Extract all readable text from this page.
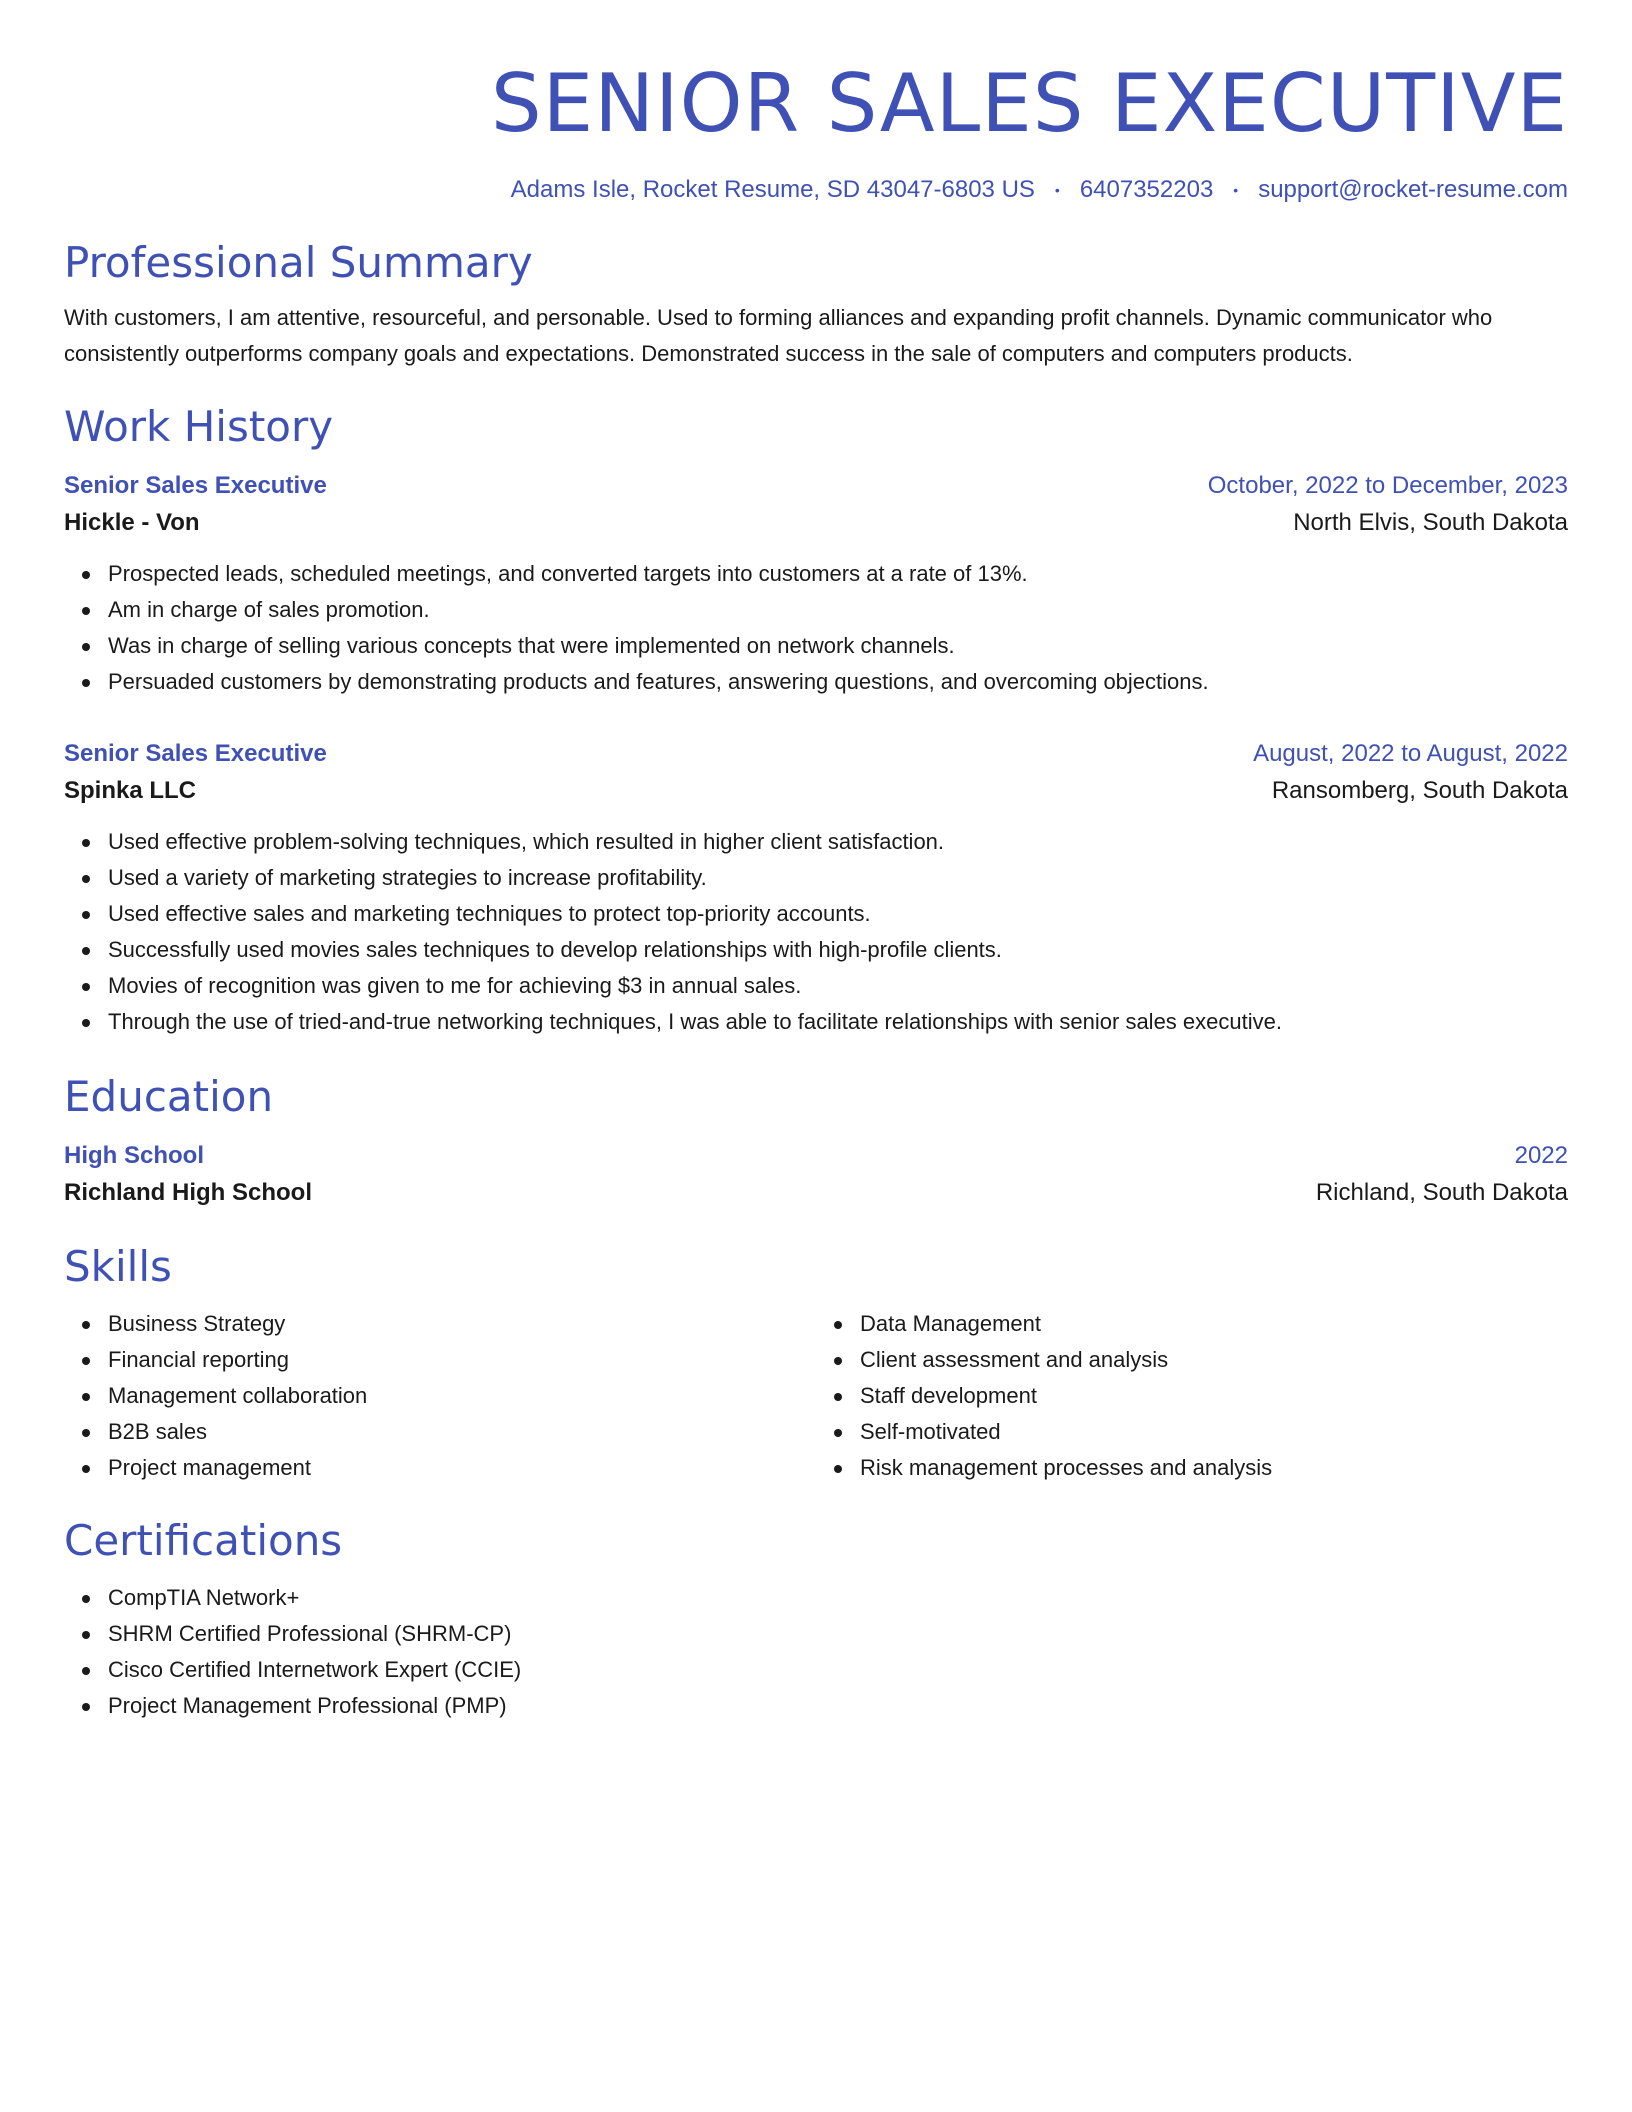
SENIOR SALES EXECUTIVE
Adams Isle, Rocket Resume, SD 43047-6803 US • 6407352203 • support@rocket-resume.com
Professional Summary

With customers, I am attentive, resourceful, and personable. Used to forming alliances and expanding profit channels. Dynamic communicator who consistently outperforms company goals and expectations. Demonstrated success in the sale of computers and computers products.

Work History
Senior Sales Executive	October, 2022 to December, 2023
Hickle - Von	North Elvis, South Dakota
Prospected leads, scheduled meetings, and converted targets into customers at a rate of 13%.
Am in charge of sales promotion.
Was in charge of selling various concepts that were implemented on network channels.
Persuaded customers by demonstrating products and features, answering questions, and overcoming objections.
Senior Sales Executive	August, 2022 to August, 2022
Spinka LLC	Ransomberg, South Dakota
Used effective problem-solving techniques, which resulted in higher client satisfaction.
Used a variety of marketing strategies to increase profitability.
Used effective sales and marketing techniques to protect top-priority accounts.
Successfully used movies sales techniques to develop relationships with high-profile clients.
Movies of recognition was given to me for achieving $3 in annual sales.
Through the use of tried-and-true networking techniques, I was able to facilitate relationships with senior sales executive.
Education
High School	2022
Richland High School	Richland, South Dakota
Skills
Business Strategy
Financial reporting
Management collaboration
B2B sales
Project management
Data Management
Client assessment and analysis
Staff development
Self-motivated
Risk management processes and analysis
Certifications
CompTIA Network+
SHRM Certified Professional (SHRM-CP)
Cisco Certified Internetwork Expert (CCIE)
Project Management Professional (PMP)
